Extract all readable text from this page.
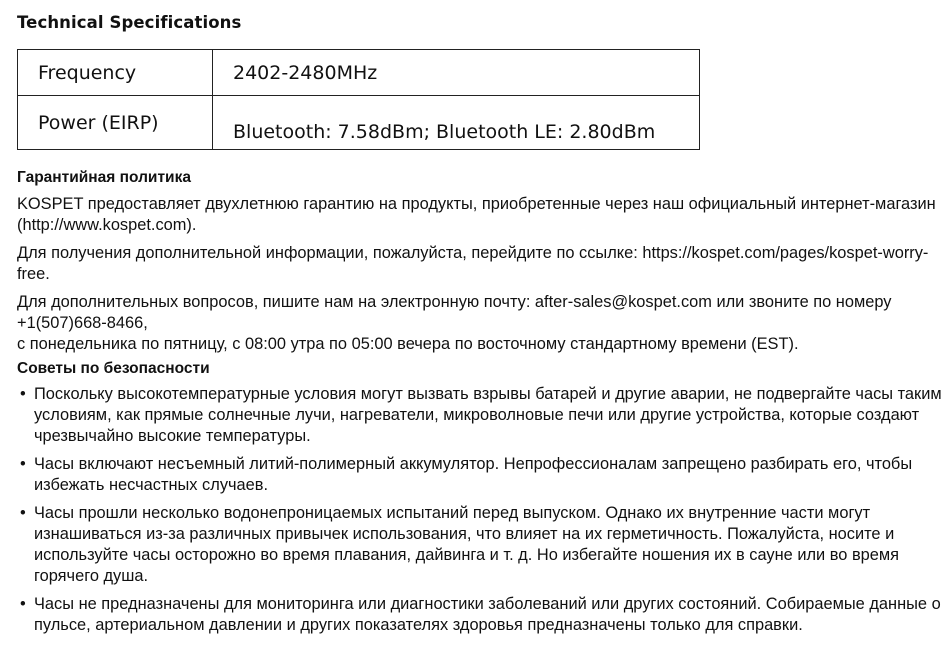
Technical Specifications
Frequency	2402-2480MHz
Power (EIRP)	Bluetooth: 7.58dBm; Bluetooth LE: 2.80dBm
Гарантийная политика

KOSPET предоставляет двухлетнюю гарантию на продукты, приобретенные через наш официальный интернет-магазин (http://www.kospet.com).

Для получения дополнительной информации, пожалуйста, перейдите по ссылке: https://kospet.com/pages/kospet-worry-free.

Для дополнительных вопросов, пишите нам на электронную почту: after-sales@kospet.com или звоните по номеру +1(507)668-8466,

с понедельника по пятницу, с 08:00 утра по 05:00 вечера по восточному стандартному времени (EST).

Советы по безопасности
• Поскольку высокотемпературные условия могут вызвать взрывы батарей и другие аварии, не подвергайте часы таким условиям, как прямые солнечные лучи, нагреватели, микроволновые печи или другие устройства, которые создают чрезвычайно высокие температуры.
• Часы включают несъемный литий-полимерный аккумулятор. Непрофессионалам запрещено разбирать его, чтобы избежать несчастных случаев.
• Часы прошли несколько водонепроницаемых испытаний перед выпуском. Однако их внутренние части могут изнашиваться из-за различных привычек использования, что влияет на их герметичность. Пожалуйста, носите и используйте часы осторожно во время плавания, дайвинга и т. д. Но избегайте ношения их в сауне или во время горячего душа.
• Часы не предназначены для мониторинга или диагностики заболеваний или других состояний. Собираемые данные о пульсе, артериальном давлении и других показателях здоровья предназначены только для справки.
